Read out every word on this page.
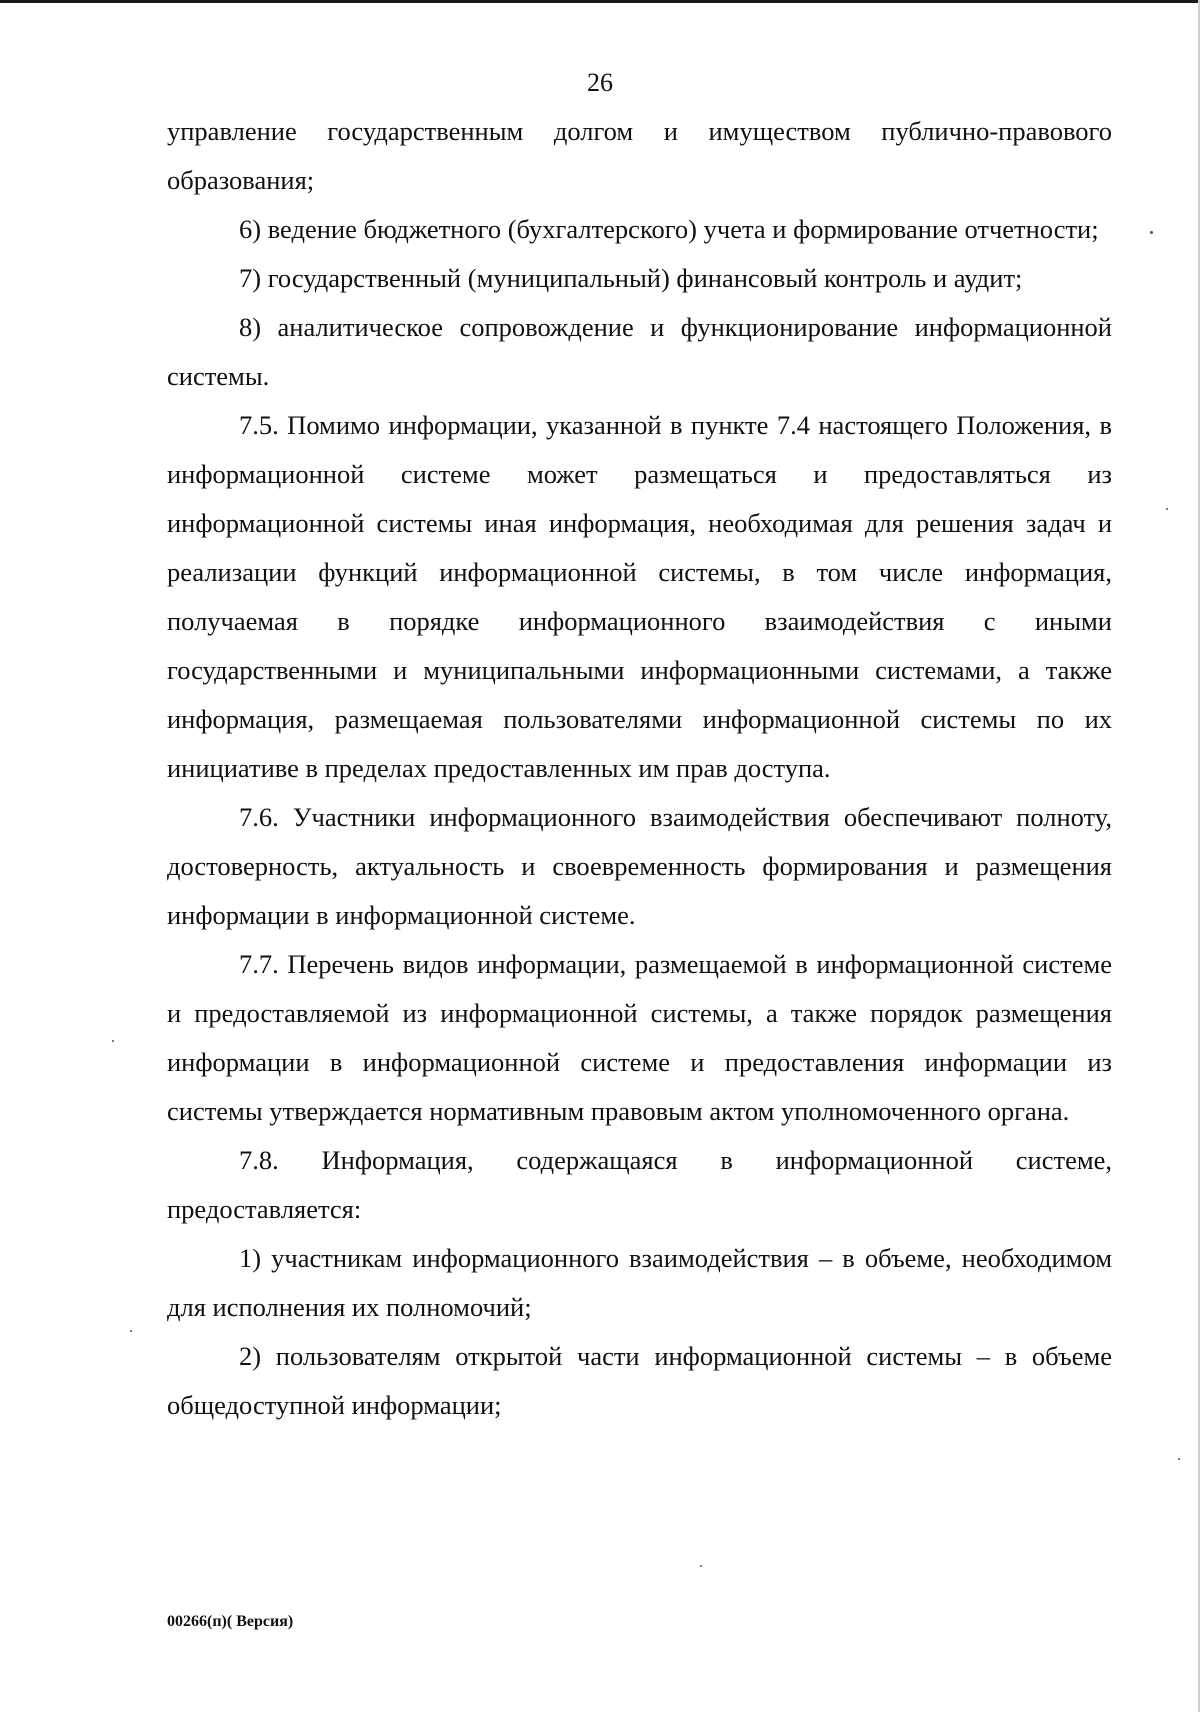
26

управление государственным долгом и имуществом публично-правового образования;

6) ведение бюджетного (бухгалтерского) учета и формирование отчетности;

7) государственный (муниципальный) финансовый контроль и аудит;

8) аналитическое сопровождение и функционирование информационной системы.

7.5. Помимо информации, указанной в пункте 7.4 настоящего Положения, в информационной системе может размещаться и предоставляться из информационной системы иная информация, необходимая для решения задач и реализации функций информационной системы, в том числе информация, получаемая в порядке информационного взаимодействия с иными государственными и муниципальными информационными системами, а также информация, размещаемая пользователями информационной системы по их инициативе в пределах предоставленных им прав доступа.

7.6. Участники информационного взаимодействия обеспечивают полноту, достоверность, актуальность и своевременность формирования и размещения информации в информационной системе.

7.7. Перечень видов информации, размещаемой в информационной системе и предоставляемой из информационной системы, а также порядок размещения информации в информационной системе и предоставления информации из системы утверждается нормативным правовым актом уполномоченного органа.

7.8. Информация, содержащаяся в информационной системе, предоставляется:

1) участникам информационного взаимодействия – в объеме, необходимом для исполнения их полномочий;

2) пользователям открытой части информационной системы – в объеме общедоступной информации;

00266(п)( Версия)
